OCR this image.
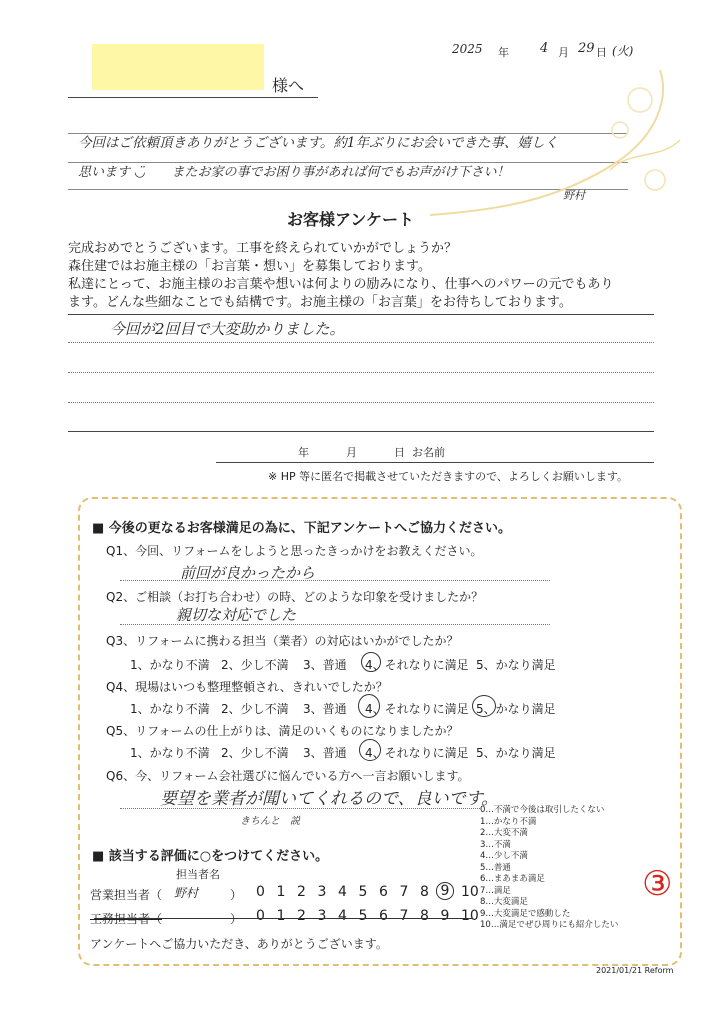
2025 年 4 月 29 日 (火)
様へ
今回はご依頼頂きありがとうございます。約1年ぶりにお会いできた事、嬉しく
思います ◡̈　　またお家の事でお困り事があれば何でもお声がけ下さい！
野村
お客様アンケート
完成おめでとうございます。工事を終えられていかがでしょうか？
森住建ではお施主様の「お言葉・想い」を募集しております。
私達にとって、お施主様のお言葉や想いは何よりの励みになり、仕事へのパワーの元でもあり
ます。どんな些細なことでも結構です。お施主様の「お言葉」をお待ちしております。
今回が2回目で大変助かりました。
年	月	日 お名前
※ HP 等に匿名で掲載させていただきますので、よろしくお願いします。
■ 今後の更なるお客様満足の為に、下記アンケートへご協力ください。
Q1、今回、リフォームをしようと思ったきっかけをお教えください。
前回が良かったから
Q2、ご相談（お打ち合わせ）の時、どのような印象を受けましたか？
親切な対応でした
Q3、リフォームに携わる担当（業者）の対応はいかがでしたか？
1、かなり不満 2、少し不満 3、普通 4、それなりに満足 5、かなり満足
Q4、現場はいつも整理整頓され、きれいでしたか？
1、かなり不満 2、少し不満 3、普通 4、それなりに満足 5、かなり満足
Q5、リフォームの仕上がりは、満足のいくものになりましたか？
1、かなり不満 2、少し不満 3、普通 4、それなりに満足 5、かなり満足
Q6、今、リフォーム会社選びに悩んでいる方へ一言お願いします。
要望を業者が聞いてくれるので、良いです。
きちんと　説
■ 該当する評価に○をつけてください。
担当者名
営業担当者（ 野村	） 0 1 2 3 4 5 6 7 8 9 10
工務担当者（	） 0 1 2 3 4 5 6 7 8 9 10
0…不満で今後は取引したくない
1…かなり不満
2…大変不満
3…不満
4…少し不満
5…普通
6…まあまあ満足
7…満足
8…大変満足
9…大変満足で感動した
10…満足でぜひ周りにも紹介したい
アンケートへご協力いただき、ありがとうございます。
③
2021/01/21 Reform
